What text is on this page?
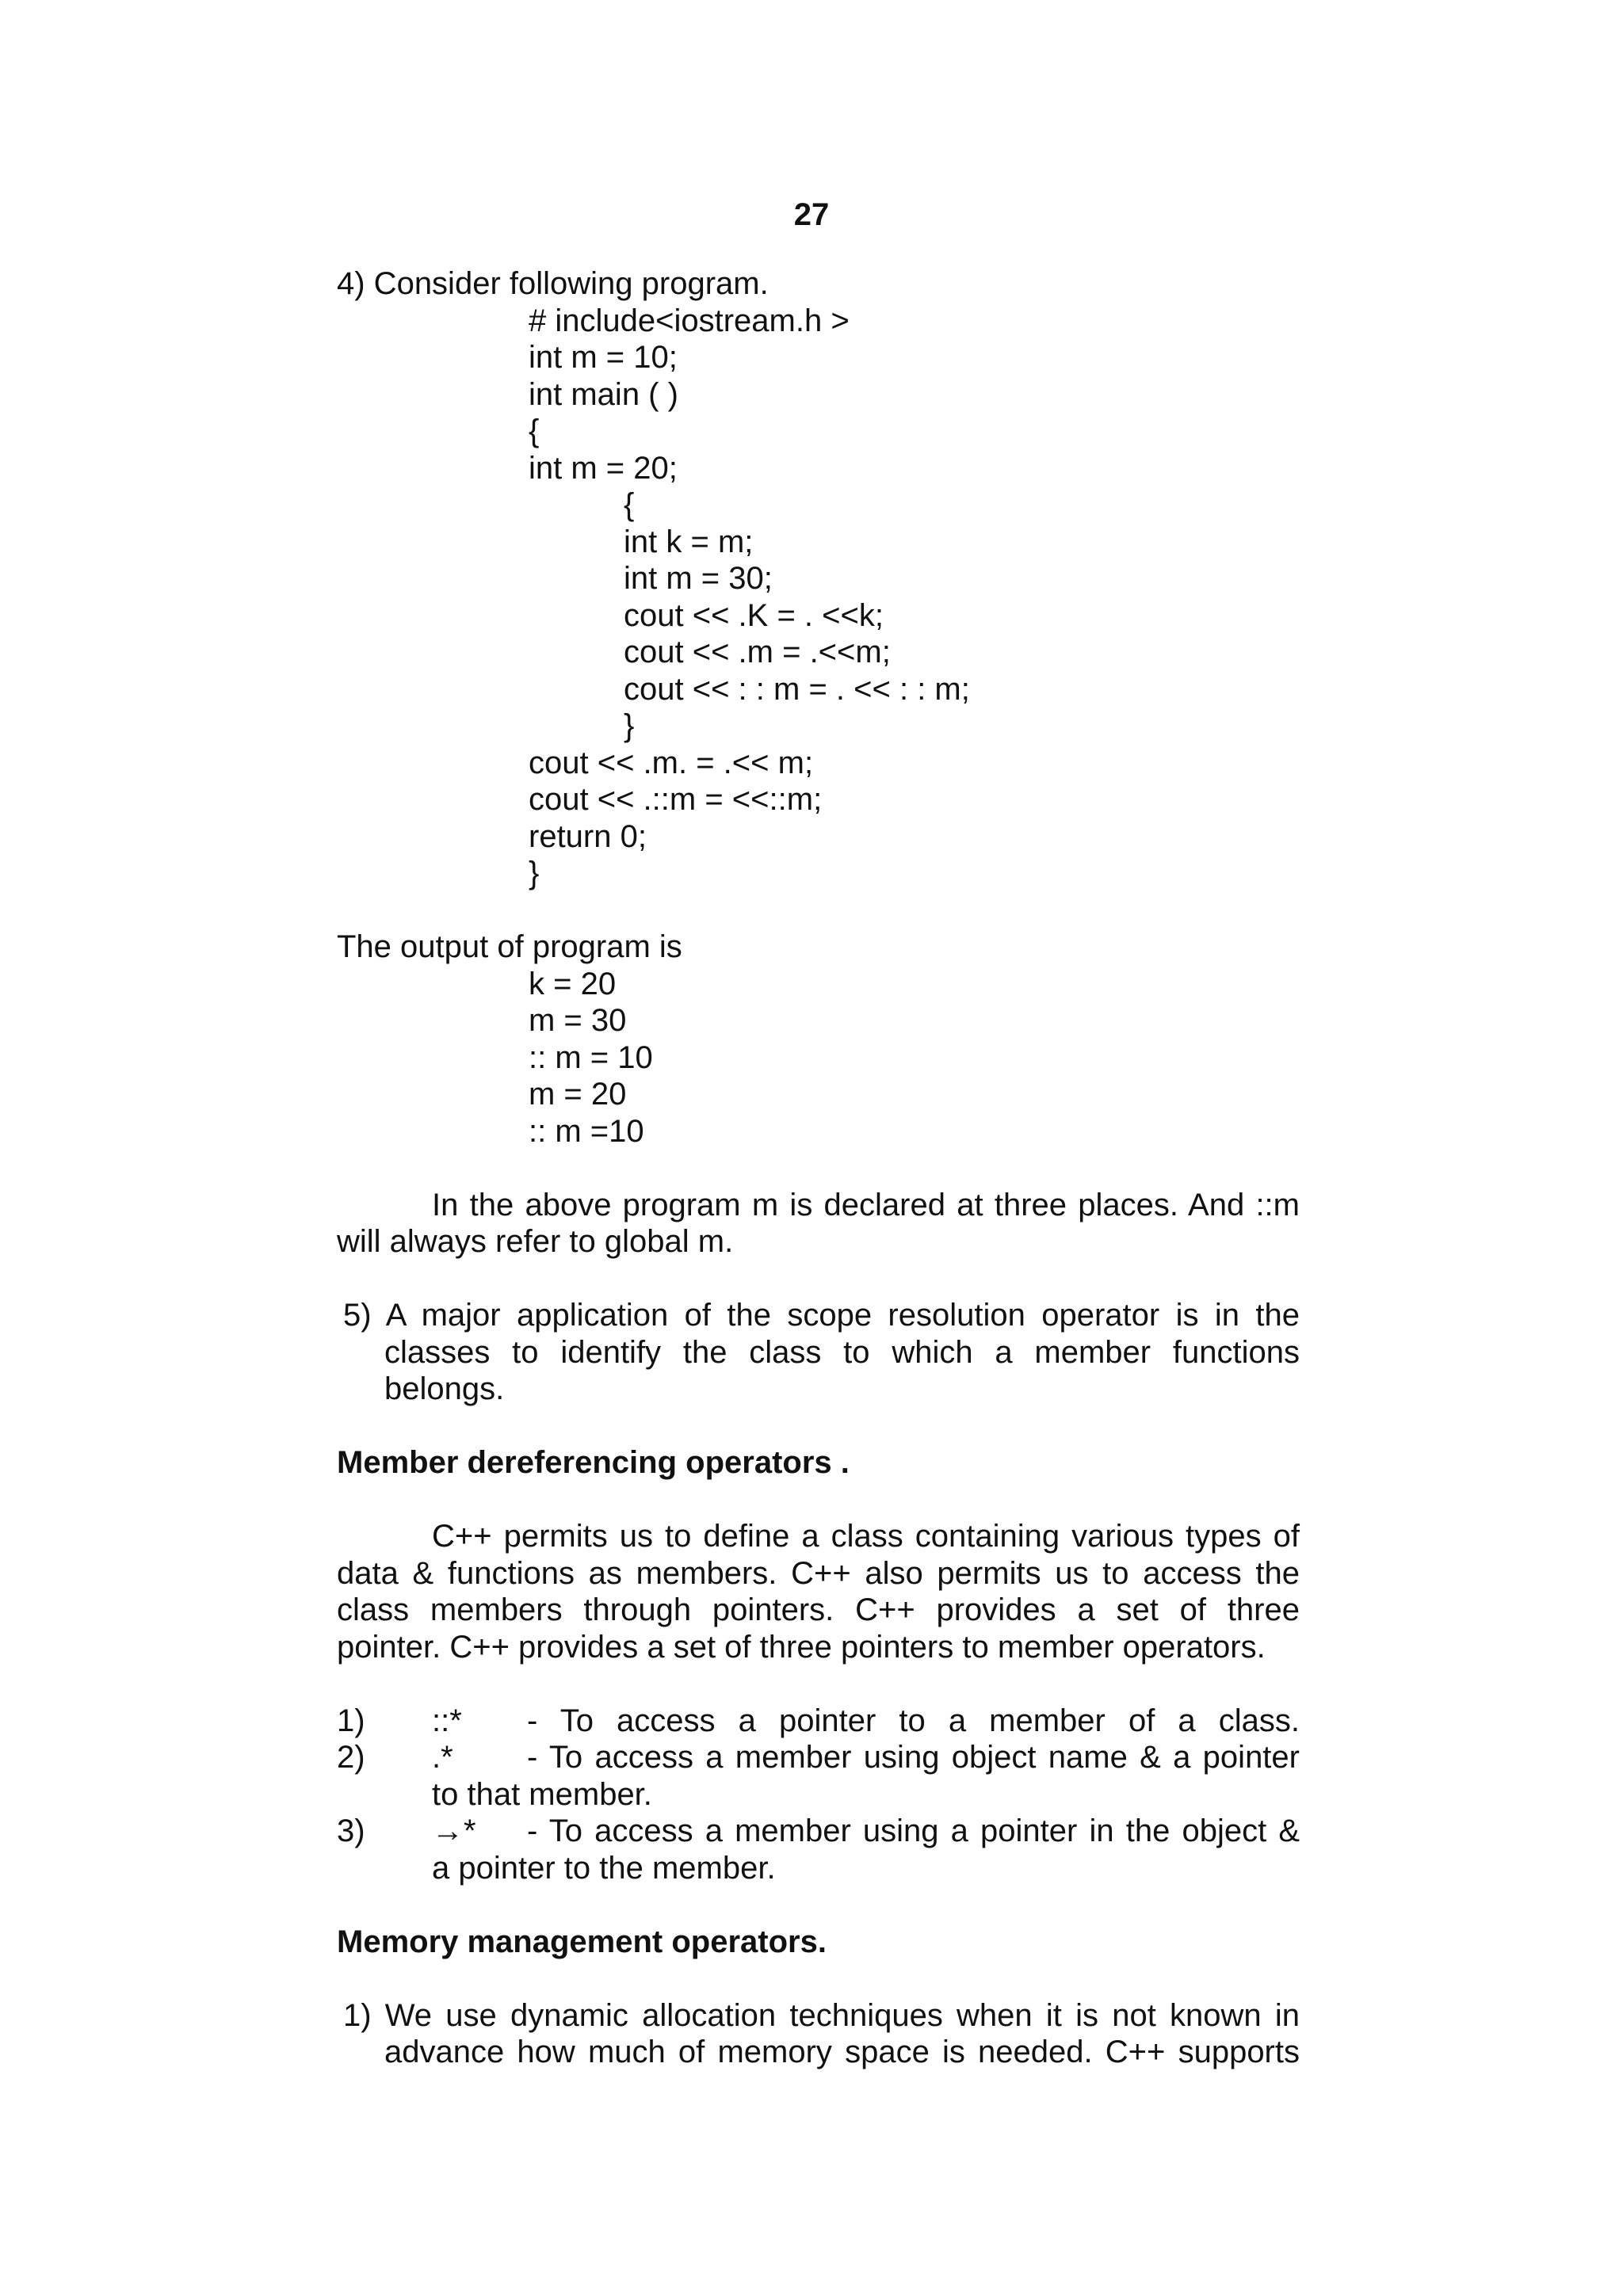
27
4) Consider following program.
# include<iostream.h >
int m = 10;
int main ( )
{
int m = 20;
{
int k = m;
int m = 30;
cout << .K = . <<k;
cout << .m = .<<m;
cout << : : m = . << : : m;
}
cout << .m. = .<< m;
cout << .::m = <<::m;
return 0;
}
The output of program is
k = 20
m = 30
:: m = 10
m = 20
:: m =10
In the above program m is declared at three places. And ::m will always refer to global m.
5) A major application of the scope resolution operator is in the classes to identify the class to which a member functions belongs.
Member dereferencing operators .
C++ permits us to define a class containing various types of data & functions as members. C++ also permits us to access the class members through pointers. C++ provides a set of three pointer. C++ provides a set of three pointers to member operators.
1) ::*	- To access a pointer to a member of a class.
2) .*	- To access a member using object name & a pointer
to that member.
3) →*	- To access a member using a pointer in the object &
a pointer to the member.
Memory management operators.
1) We use dynamic allocation techniques when it is not known in advance how much of memory space is needed. C++ supports
